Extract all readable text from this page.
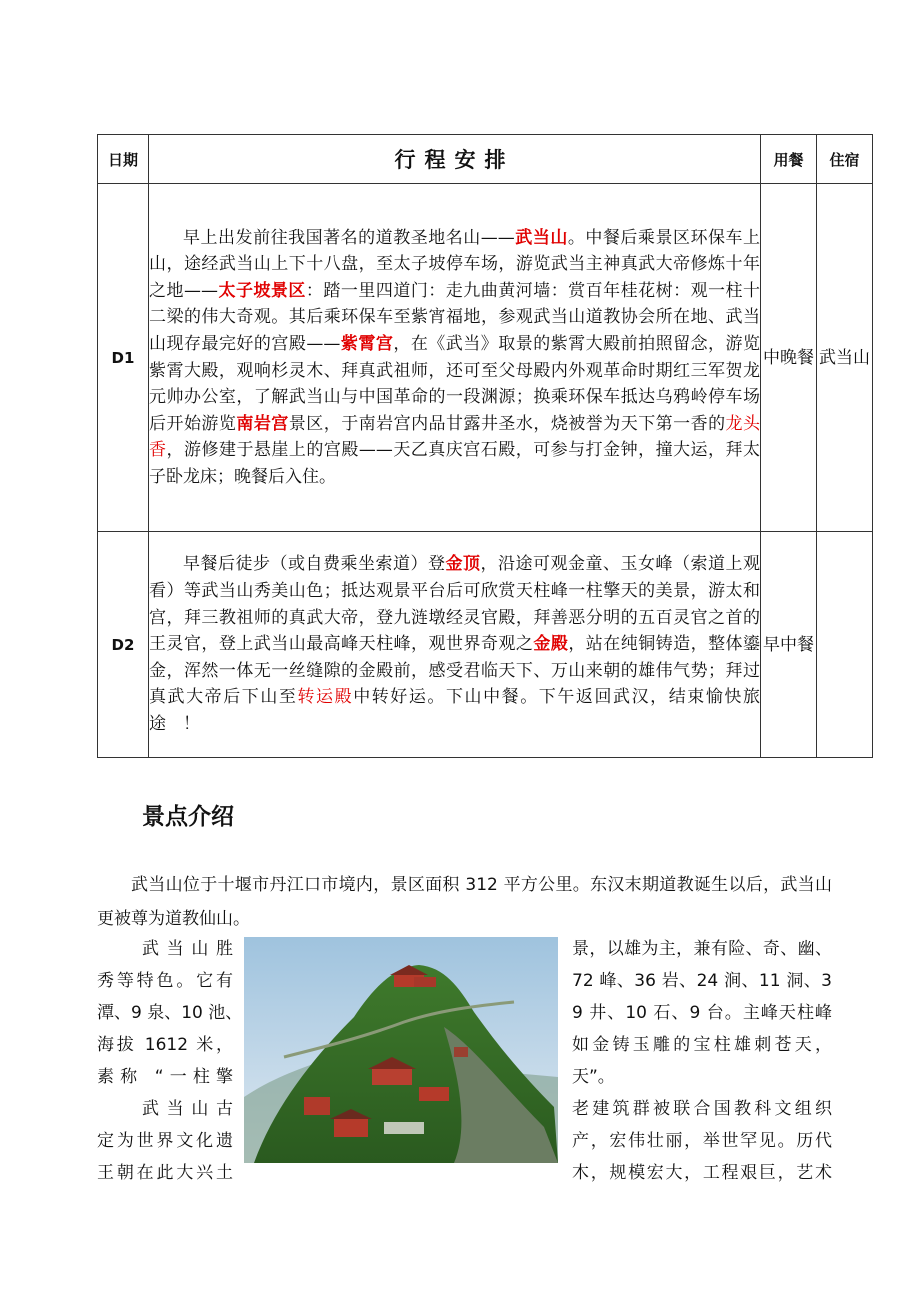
日期	行程安排	用餐	住宿
D1	早上出发前往我国著名的道教圣地名山——武当山。中餐后乘景区环保车上山，途经武当山上下十八盘，至太子坡停车场，游览武当主神真武大帝修炼十年之地——太子坡景区：踏一里四道门：走九曲黄河墙：赏百年桂花树：观一柱十二梁的伟大奇观。其后乘环保车至紫宵福地，参观武当山道教协会所在地、武当山现存最完好的宫殿——紫霄宫，在《武当》取景的紫霄大殿前拍照留念，游览紫霄大殿，观响杉灵木、拜真武祖师，还可至父母殿内外观革命时期红三军贺龙元帅办公室，了解武当山与中国革命的一段渊源；换乘环保车抵达乌鸦岭停车场后开始游览南岩宫景区，于南岩宫内品甘露井圣水，烧被誉为天下第一香的龙头香，游修建于悬崖上的宫殿——天乙真庆宫石殿，可参与打金钟，撞大运，拜太子卧龙床；晚餐后入住。	中晚餐	武当山
D2	早餐后徒步（或自费乘坐索道）登金顶，沿途可观金童、玉女峰（索道上观看）等武当山秀美山色；抵达观景平台后可欣赏天柱峰一柱擎天的美景，游太和宫，拜三教祖师的真武大帝，登九涟墩经灵官殿，拜善恶分明的五百灵官之首的王灵官，登上武当山最高峰天柱峰，观世界奇观之金殿，站在纯铜铸造，整体鎏金，浑然一体无一丝缝隙的金殿前，感受君临天下、万山来朝的雄伟气势；拜过真武大帝后下山至转运殿中转好运。下山中餐。下午返回武汉，结束愉快旅途　！	早中餐	
景点介绍

武当山位于十堰市丹江口市境内，景区面积 312 平方公里。东汉末期道教诞生以后，武当山更被尊为道教仙山。

武当山胜
秀等特色。它有
潭、9 泉、10 池、
海拔 1612 米，
素称 “一柱擎
武当山古
定为世界文化遗
王朝在此大兴土
景，以雄为主，兼有险、奇、幽、
72 峰、36 岩、24 涧、11 洞、3
9 井、10 石、9 台。主峰天柱峰
如金铸玉雕的宝柱雄刺苍天，
天”。
老建筑群被联合国教科文组织
产，宏伟壮丽，举世罕见。历代
木，规模宏大，工程艰巨，艺术
